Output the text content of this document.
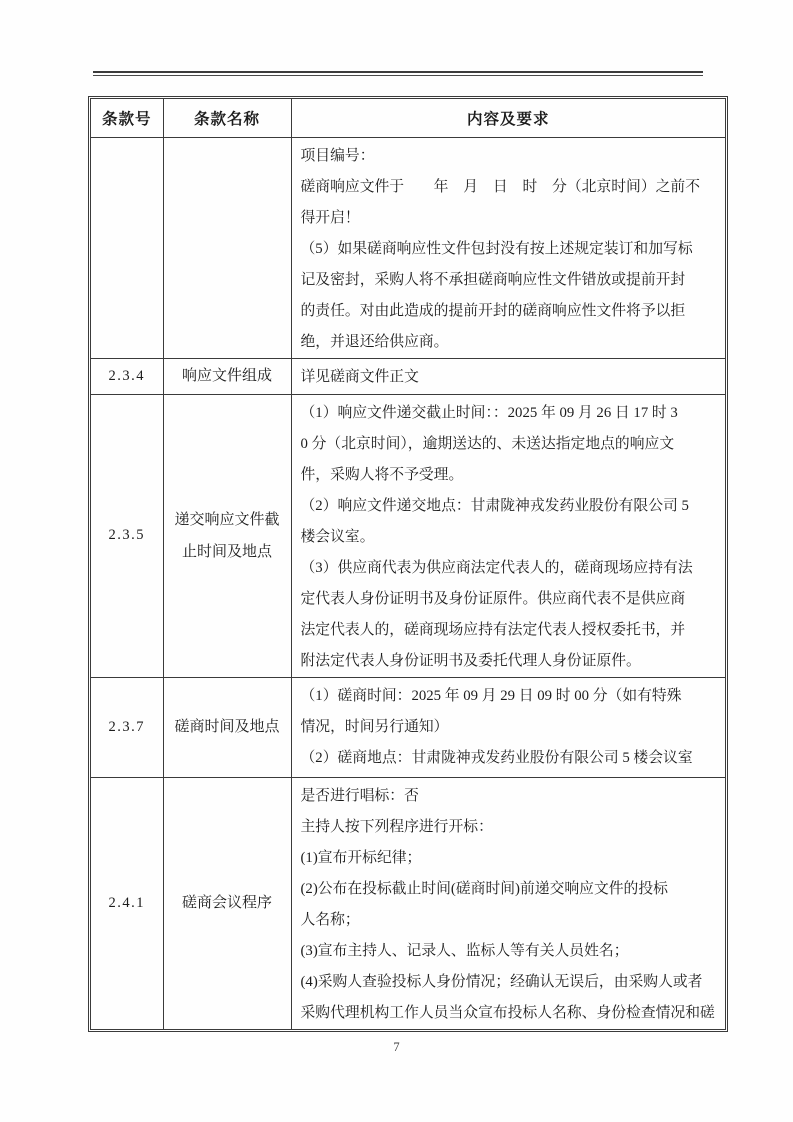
条款号	条款名称	内容及要求
		项目编号：
磋商响应文件于　　年　月　日　时　分（北京时间）之前不
得开启！
（5）如果磋商响应性文件包封没有按上述规定装订和加写标
记及密封，采购人将不承担磋商响应性文件错放或提前开封
的责任。对由此造成的提前开封的磋商响应性文件将予以拒
绝，并退还给供应商。
2.3.4	响应文件组成	详见磋商文件正文
2.3.5	递交响应文件截止时间及地点	（1）响应文件递交截止时间：：2025 年 09 月 26 日 17 时 3
0 分（北京时间），逾期送达的、未送达指定地点的响应文
件，采购人将不予受理。
（2）响应文件递交地点：甘肃陇神戎发药业股份有限公司 5
楼会议室。
（3）供应商代表为供应商法定代表人的，磋商现场应持有法
定代表人身份证明书及身份证原件。供应商代表不是供应商
法定代表人的，磋商现场应持有法定代表人授权委托书，并
附法定代表人身份证明书及委托代理人身份证原件。
2.3.7	磋商时间及地点	（1）磋商时间：2025 年 09 月 29 日 09 时 00 分（如有特殊
情况，时间另行通知）
（2）磋商地点：甘肃陇神戎发药业股份有限公司 5 楼会议室
2.4.1	磋商会议程序	是否进行唱标：否
主持人按下列程序进行开标：
(1)宣布开标纪律；
(2)公布在投标截止时间(磋商时间)前递交响应文件的投标
人名称；
(3)宣布主持人、记录人、监标人等有关人员姓名；
(4)采购人查验投标人身份情况；经确认无误后，由采购人或者
采购代理机构工作人员当众宣布投标人名称、身份检查情况和磋
7
